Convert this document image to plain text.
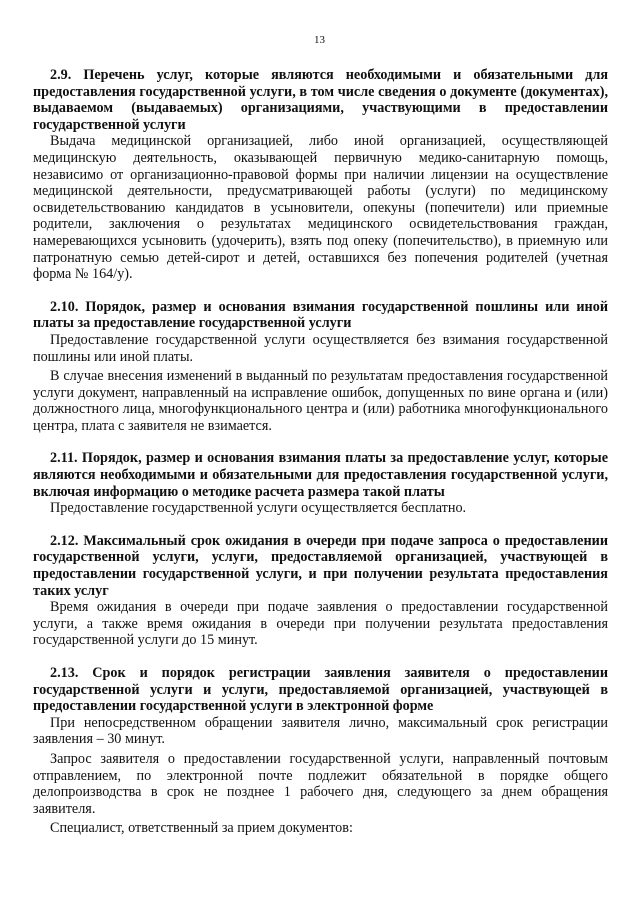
13

2.9. Перечень услуг, которые являются необходимыми и обязательными для предоставления государственной услуги, в том числе сведения о документе (документах), выдаваемом (выдаваемых) организациями, участвующими в предоставлении государственной услуги

Выдача медицинской организацией, либо иной организацией, осуществляющей медицинскую деятельность, оказывающей первичную медико-санитарную помощь, независимо от организационно-правовой формы при наличии лицензии на осуществление медицинской деятельности, предусматривающей работы (услуги) по медицинскому освидетельствованию кандидатов в усыновители, опекуны (попечители) или приемные родители, заключения о результатах медицинского освидетельствования граждан, намеревающихся усыновить (удочерить), взять под опеку (попечительство), в приемную или патронатную семью детей-сирот и детей, оставшихся без попечения родителей (учетная форма № 164/у).

2.10. Порядок, размер и основания взимания государственной пошлины или иной платы за предоставление государственной услуги

Предоставление государственной услуги осуществляется без взимания государственной пошлины или иной платы.

В случае внесения изменений в выданный по результатам предоставления государственной услуги документ, направленный на исправление ошибок, допущенных по вине органа и (или) должностного лица, многофункционального центра и (или) работника многофункционального центра, плата с заявителя не взимается.

2.11. Порядок, размер и основания взимания платы за предоставление услуг, которые являются необходимыми и обязательными для предоставления государственной услуги, включая информацию о методике расчета размера такой платы

Предоставление государственной услуги осуществляется бесплатно.

2.12. Максимальный срок ожидания в очереди при подаче запроса о предоставлении государственной услуги, услуги, предоставляемой организацией, участвующей в предоставлении государственной услуги, и при получении результата предоставления таких услуг

Время ожидания в очереди при подаче заявления о предоставлении государственной услуги, а также время ожидания в очереди при получении результата предоставления государственной услуги до 15 минут.

2.13. Срок и порядок регистрации заявления заявителя о предоставлении государственной услуги и услуги, предоставляемой организацией, участвующей в предоставлении государственной услуги в электронной форме

При непосредственном обращении заявителя лично, максимальный срок регистрации заявления – 30 минут.

Запрос заявителя о предоставлении государственной услуги, направленный почтовым отправлением, по электронной почте подлежит обязательной в порядке общего делопроизводства в срок не позднее 1 рабочего дня, следующего за днем обращения заявителя.

Специалист, ответственный за прием документов:
